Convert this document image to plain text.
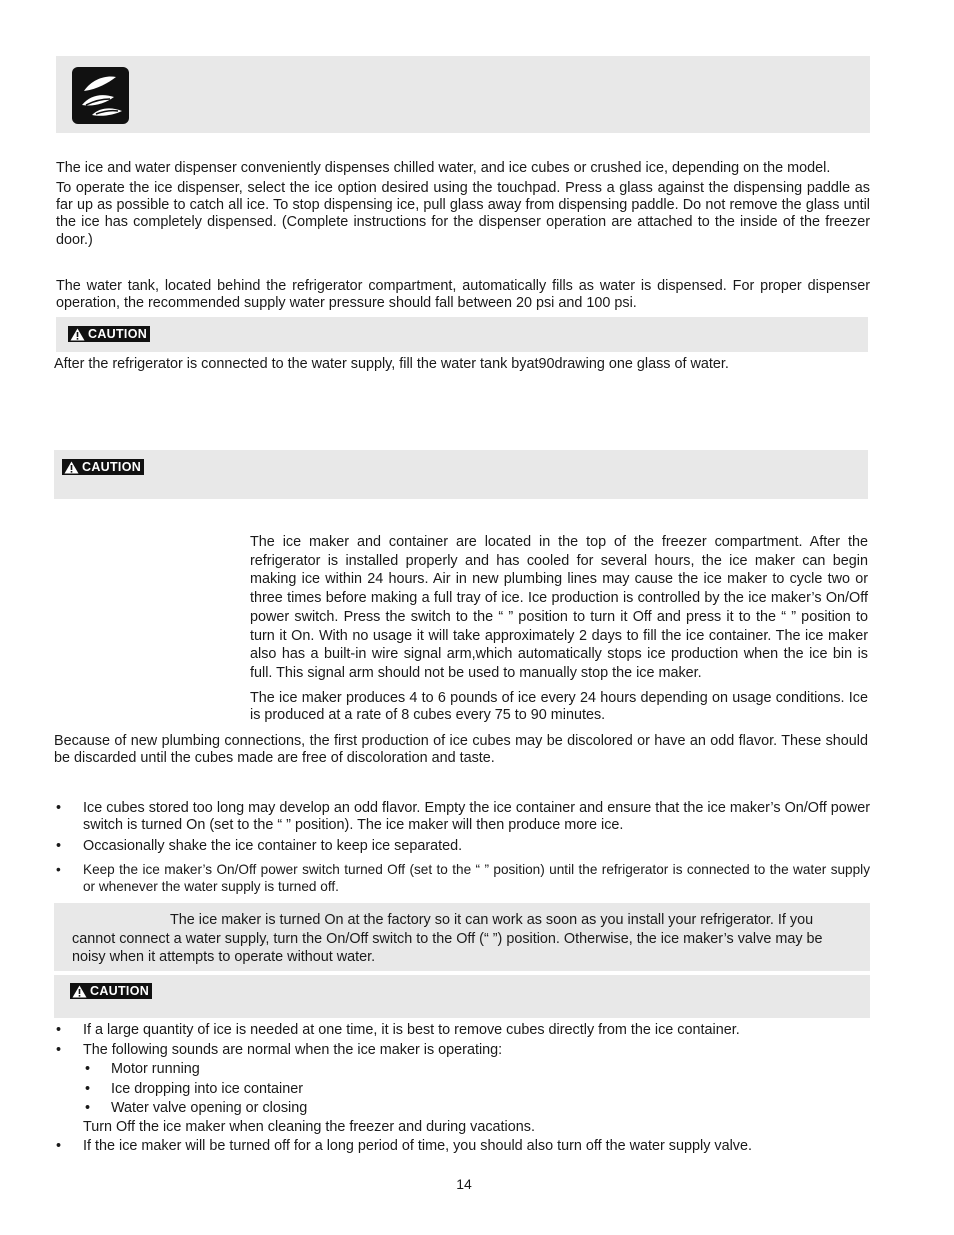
The ice and water dispenser conveniently dispenses chilled water, and ice cubes or crushed ice, depending on the model.
To operate the ice dispenser, select the ice option desired using the touchpad. Press a glass against the dispensing paddle as far up as possible to catch all ice. To stop dispensing ice, pull glass away from dispensing paddle. Do not remove the glass until the ice has completely dispensed. (Complete instructions for the dispenser operation are attached to the inside of the freezer door.)
The water tank, located behind the refrigerator compartment, automatically fills as water is dispensed. For proper dispenser operation, the recommended supply water pressure should fall between 20 psi and 100 psi.
CAUTION
After the refrigerator is connected to the water supply, fill the water tank byat90drawing one glass of water.
CAUTION
The ice maker and container are located in the top of the freezer compartment. After the refrigerator is installed properly and has cooled for several hours, the ice maker can begin making ice within 24 hours. Air in new plumbing lines may cause the ice maker to cycle two or three times before making a full tray of ice. Ice production is controlled by the ice maker’s On/Off power switch. Press the switch to the “ ” position to turn it Off and press it to the “ ” position to turn it On. With no usage it will take approximately 2 days to fill the ice container. The ice maker also has a built-in wire signal arm,which automatically stops ice production when the ice bin is full. This signal arm should not be used to manually stop the ice maker.
The ice maker produces 4 to 6 pounds of ice every 24 hours depending on usage conditions. Ice is produced at a rate of 8 cubes every 75 to 90 minutes.
Because of new plumbing connections, the first production of ice cubes may be discolored or have an odd flavor. These should be discarded until the cubes made are free of discoloration and taste.
• Ice cubes stored too long may develop an odd flavor. Empty the ice container and ensure that the ice maker’s On/Off power switch is turned On (set to the “ ” position). The ice maker will then produce more ice.
• Occasionally shake the ice container to keep ice separated.
• Keep the ice maker’s On/Off power switch turned Off (set to the “ ” position) until the refrigerator is connected to the water supply or whenever the water supply is turned off.
The ice maker is turned On at the factory so it can work as soon as you install your refrigerator. If you cannot connect a water supply, turn the On/Off switch to the Off (“ ”) position. Otherwise, the ice maker’s valve may be noisy when it attempts to operate without water.
CAUTION
• If a large quantity of ice is needed at one time, it is best to remove cubes directly from the ice container.
• The following sounds are normal when the ice maker is operating:
• Motor running
• Ice dropping into ice container
• Water valve opening or closing
Turn Off the ice maker when cleaning the freezer and during vacations.
• If the ice maker will be turned off for a long period of time, you should also turn off the water supply valve.
14
